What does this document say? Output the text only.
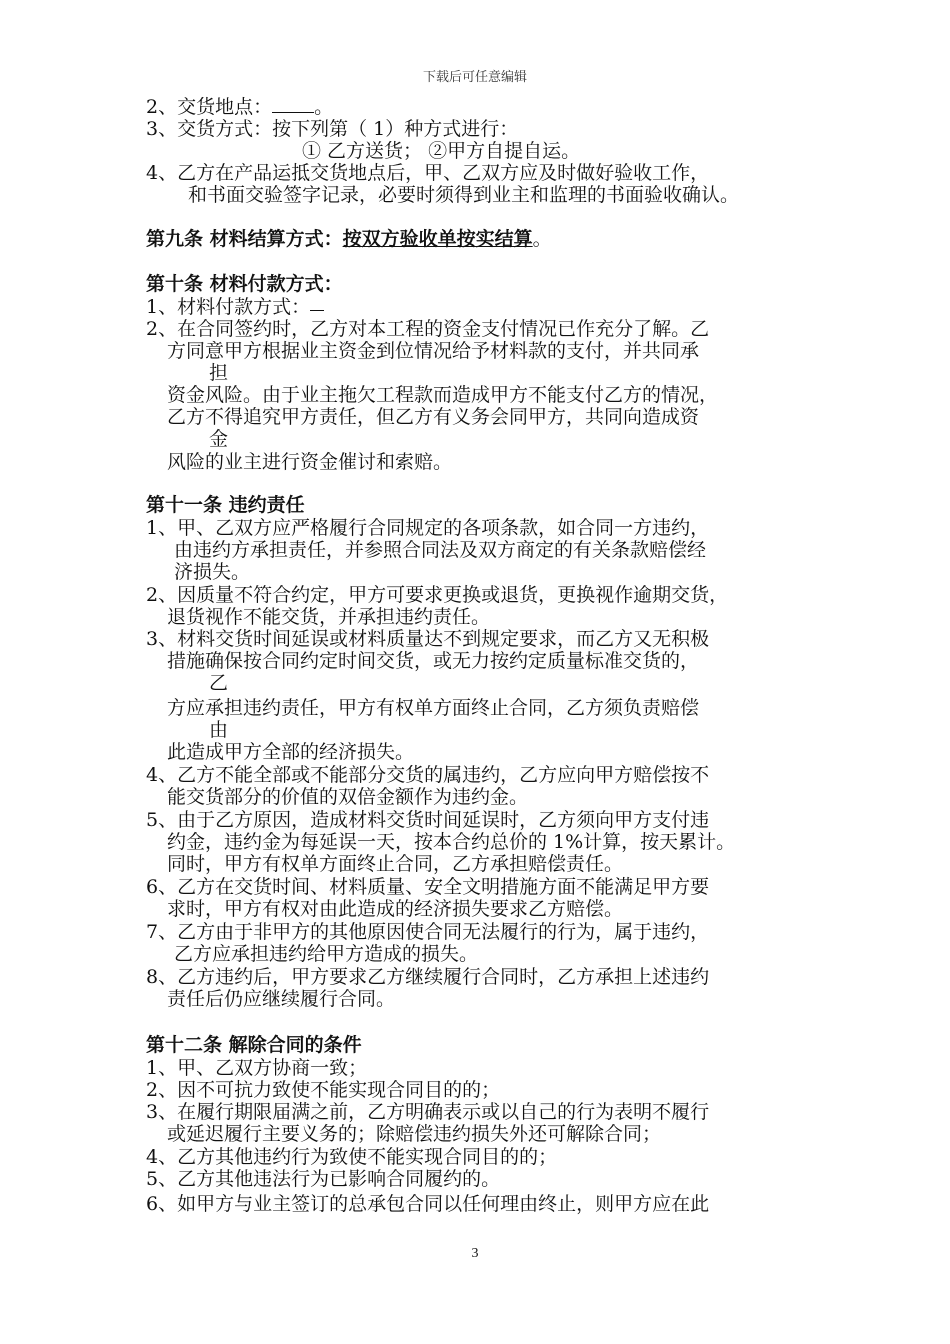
下载后可任意编辑
2、交货地点： 。
3、交货方式：按下列第（ 1）种方式进行：
① 乙方送货； ②甲方自提自运。
4、乙方在产品运抵交货地点后，甲、乙双方应及时做好验收工作，
和书面交验签字记录，必要时须得到业主和监理的书面验收确认。
第九条 材料结算方式：按双方验收单按实结算。
第十条 材料付款方式：
1、材料付款方式：
2、在合同签约时，乙方对本工程的资金支付情况已作充分了解。乙
方同意甲方根据业主资金到位情况给予材料款的支付，并共同承
担
资金风险。由于业主拖欠工程款而造成甲方不能支付乙方的情况，
乙方不得追究甲方责任，但乙方有义务会同甲方，共同向造成资
金
风险的业主进行资金催讨和索赔。
第十一条 违约责任
1、甲、乙双方应严格履行合同规定的各项条款，如合同一方违约，
由违约方承担责任，并参照合同法及双方商定的有关条款赔偿经
济损失。
2、因质量不符合约定，甲方可要求更换或退货，更换视作逾期交货，
退货视作不能交货，并承担违约责任。
3、材料交货时间延误或材料质量达不到规定要求，而乙方又无积极
措施确保按合同约定时间交货，或无力按约定质量标准交货的，
乙
方应承担违约责任，甲方有权单方面终止合同，乙方须负责赔偿
由
此造成甲方全部的经济损失。
4、乙方不能全部或不能部分交货的属违约，乙方应向甲方赔偿按不
能交货部分的价值的双倍金额作为违约金。
5、由于乙方原因，造成材料交货时间延误时，乙方须向甲方支付违
约金，违约金为每延误一天，按本合约总价的 1%计算，按天累计。
同时，甲方有权单方面终止合同，乙方承担赔偿责任。
6、乙方在交货时间、材料质量、安全文明措施方面不能满足甲方要
求时，甲方有权对由此造成的经济损失要求乙方赔偿。
7、乙方由于非甲方的其他原因使合同无法履行的行为，属于违约，
乙方应承担违约给甲方造成的损失。
8、乙方违约后，甲方要求乙方继续履行合同时，乙方承担上述违约
责任后仍应继续履行合同。
第十二条 解除合同的条件
1、甲、乙双方协商一致；
2、因不可抗力致使不能实现合同目的的；
3、在履行期限届满之前，乙方明确表示或以自己的行为表明不履行
或延迟履行主要义务的；除赔偿违约损失外还可解除合同；
4、乙方其他违约行为致使不能实现合同目的的；
5、乙方其他违法行为已影响合同履约的。
6、如甲方与业主签订的总承包合同以任何理由终止，则甲方应在此
3
